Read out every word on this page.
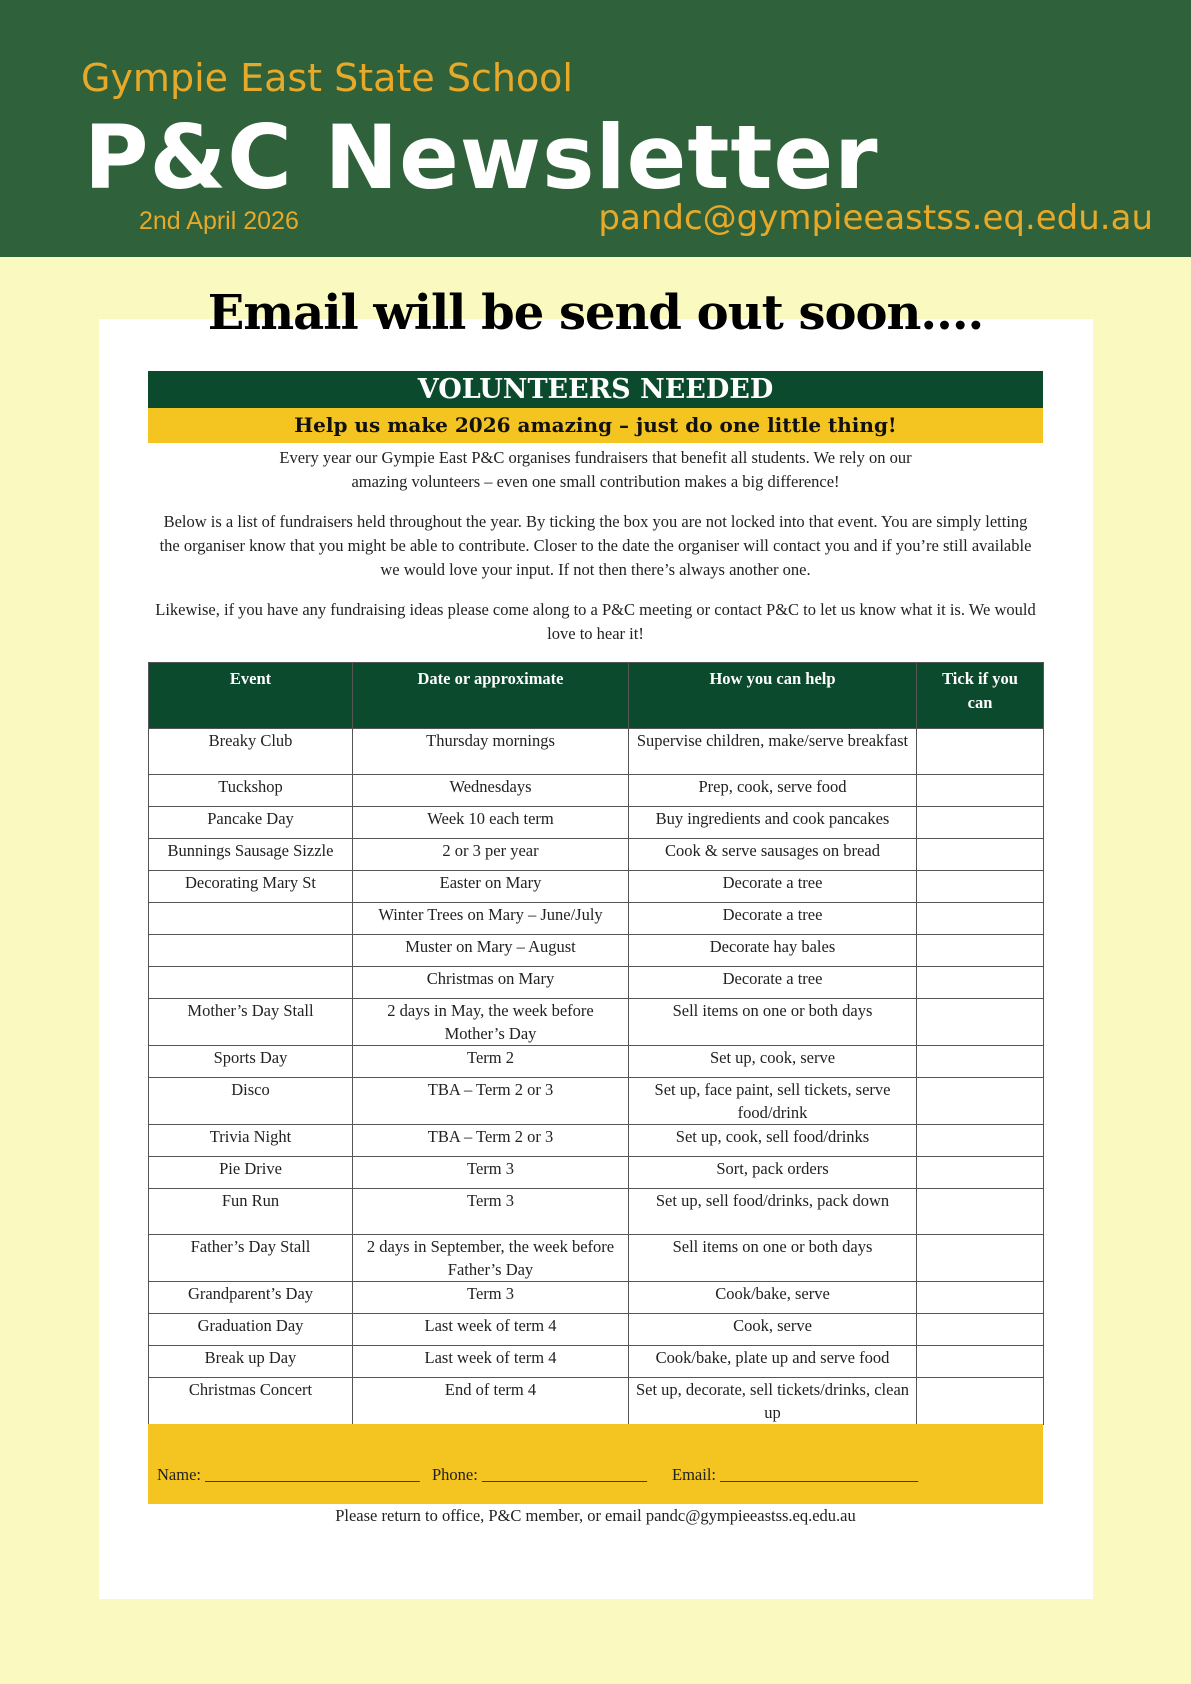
Gympie East State School
P&C Newsletter
2nd April 2026	pandc@gympieeastss.eq.edu.au
Email will be send out soon....
VOLUNTEERS NEEDED
Help us make 2026 amazing – just do one little thing!

Every year our Gympie East P&C organises fundraisers that benefit all students. We rely on our amazing volunteers – even one small contribution makes a big difference!

Below is a list of fundraisers held throughout the year. By ticking the box you are not locked into that event. You are simply letting the organiser know that you might be able to contribute. Closer to the date the organiser will contact you and if you’re still available we would love your input. If not then there’s always another one.

Likewise, if you have any fundraising ideas please come along to a P&C meeting or contact P&C to let us know what it is. We would love to hear it!

Event	Date or approximate	How you can help	Tick if you can
Breaky Club	Thursday mornings	Supervise children, make/serve breakfast	
Tuckshop	Wednesdays	Prep, cook, serve food	
Pancake Day	Week 10 each term	Buy ingredients and cook pancakes	
Bunnings Sausage Sizzle	2 or 3 per year	Cook & serve sausages on bread	
Decorating Mary St	Easter on Mary	Decorate a tree	
	Winter Trees on Mary – June/July	Decorate a tree	
	Muster on Mary – August	Decorate hay bales	
	Christmas on Mary	Decorate a tree	
Mother’s Day Stall	2 days in May, the week before Mother’s Day	Sell items on one or both days	
Sports Day	Term 2	Set up, cook, serve	
Disco	TBA – Term 2 or 3	Set up, face paint, sell tickets, serve food/drink	
Trivia Night	TBA – Term 2 or 3	Set up, cook, sell food/drinks	
Pie Drive	Term 3	Sort, pack orders	
Fun Run	Term 3	Set up, sell food/drinks, pack down	
Father’s Day Stall	2 days in September, the week before Father’s Day	Sell items on one or both days	
Grandparent’s Day	Term 3	Cook/bake, serve	
Graduation Day	Last week of term 4	Cook, serve	
Break up Day	Last week of term 4	Cook/bake, plate up and serve food	
Christmas Concert	End of term 4	Set up, decorate, sell tickets/drinks, clean up	
Name: __________________________ Phone: ____________________ Email: ________________________
Please return to office, P&C member, or email pandc@gympieeastss.eq.edu.au
